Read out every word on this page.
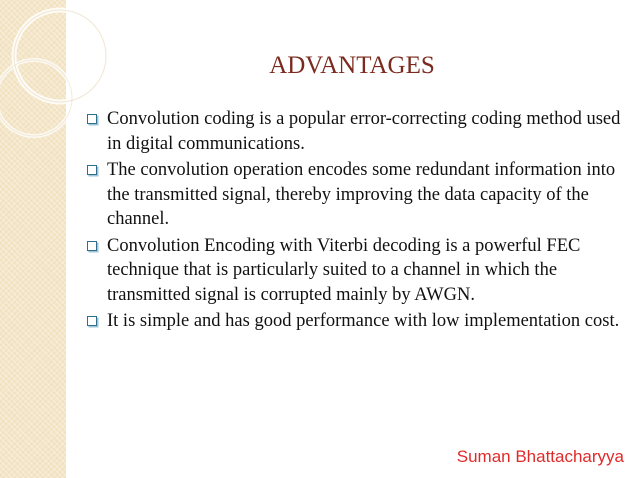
ADVANTAGES
Convolution coding is a popular error-correcting coding method used in digital communications.
The convolution operation encodes some redundant information into the transmitted signal, thereby improving the data capacity of the channel.
Convolution Encoding with Viterbi decoding is a powerful FEC technique that is particularly suited to a channel in which the transmitted signal is corrupted mainly by AWGN.
It is simple and has good performance with low implementation cost.

Suman Bhattacharyya
